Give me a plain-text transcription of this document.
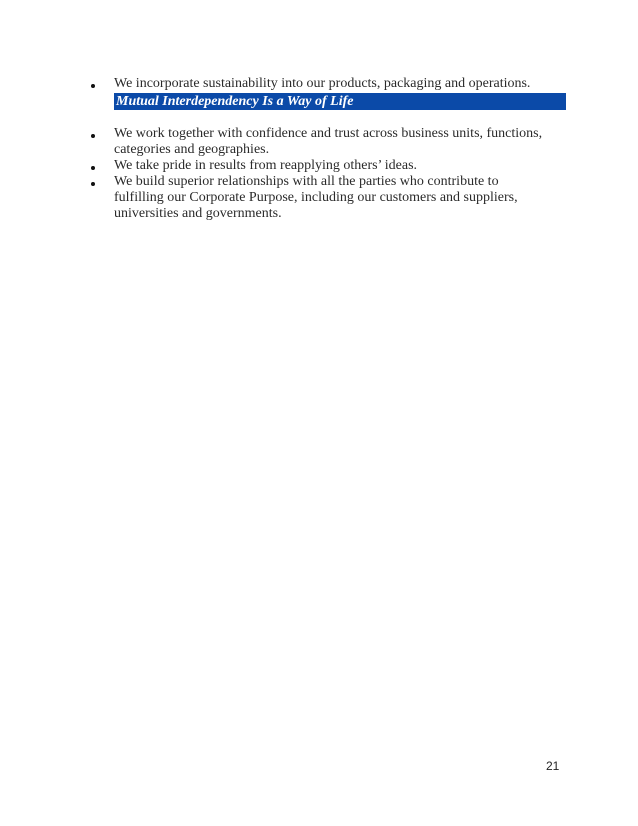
We incorporate sustainability into our products, packaging and operations.
Mutual Interdependency Is a Way of Life
We work together with confidence and trust across business units, functions,
categories and geographies.
We take pride in results from reapplying others’ ideas.
We build superior relationships with all the parties who contribute to
fulfilling our Corporate Purpose, including our customers and suppliers,
universities and governments.
21
